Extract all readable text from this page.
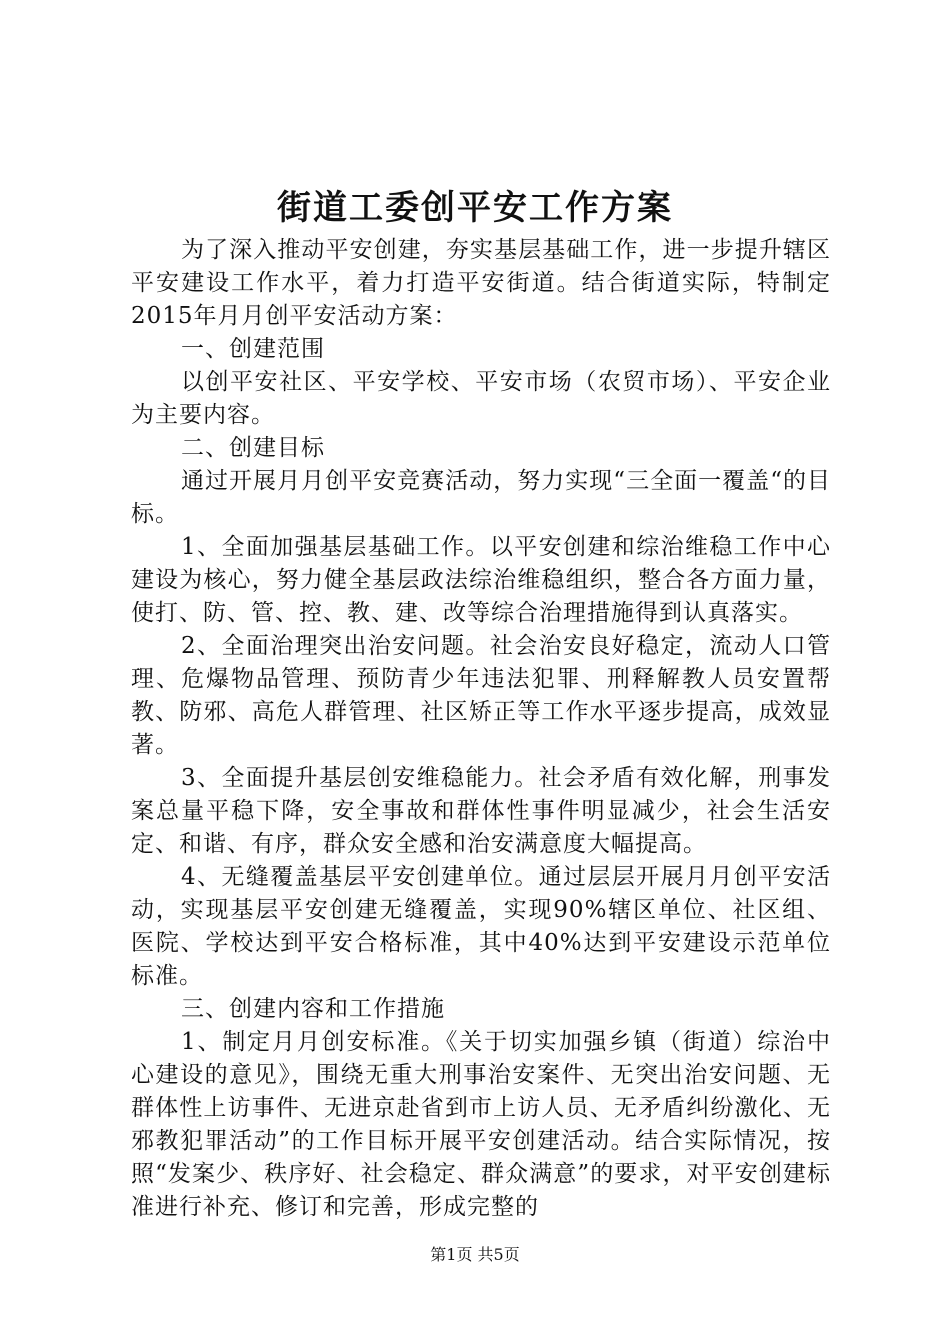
街道工委创平安工作方案

为了深入推动平安创建，夯实基层基础工作，进一步提升辖区平安建设工作水平，着力打造平安街道。结合街道实际，特制定2015年月月创平安活动方案：

一、创建范围

以创平安社区、平安学校、平安市场（农贸市场）、平安企业为主要内容。

二、创建目标

通过开展月月创平安竞赛活动，努力实现“三全面一覆盖“的目标。

1、全面加强基层基础工作。以平安创建和综治维稳工作中心建设为核心，努力健全基层政法综治维稳组织，整合各方面力量，使打、防、管、控、教、建、改等综合治理措施得到认真落实。

2、全面治理突出治安问题。社会治安良好稳定，流动人口管理、危爆物品管理、预防青少年违法犯罪、刑释解教人员安置帮教、防邪、高危人群管理、社区矫正等工作水平逐步提高，成效显著。

3、全面提升基层创安维稳能力。社会矛盾有效化解，刑事发案总量平稳下降，安全事故和群体性事件明显减少，社会生活安定、和谐、有序，群众安全感和治安满意度大幅提高。

4、无缝覆盖基层平安创建单位。通过层层开展月月创平安活动，实现基层平安创建无缝覆盖，实现90%辖区单位、社区组、医院、学校达到平安合格标准，其中40%达到平安建设示范单位标准。

三、创建内容和工作措施

1、制定月月创安标准。《关于切实加强乡镇（街道）综治中心建设的意见》，围绕无重大刑事治安案件、无突出治安问题、无群体性上访事件、无进京赴省到市上访人员、无矛盾纠纷激化、无邪教犯罪活动”的工作目标开展平安创建活动。结合实际情况，按照“发案少、秩序好、社会稳定、群众满意”的要求，对平安创建标准进行补充、修订和完善，形成完整的

第1页 共5页
